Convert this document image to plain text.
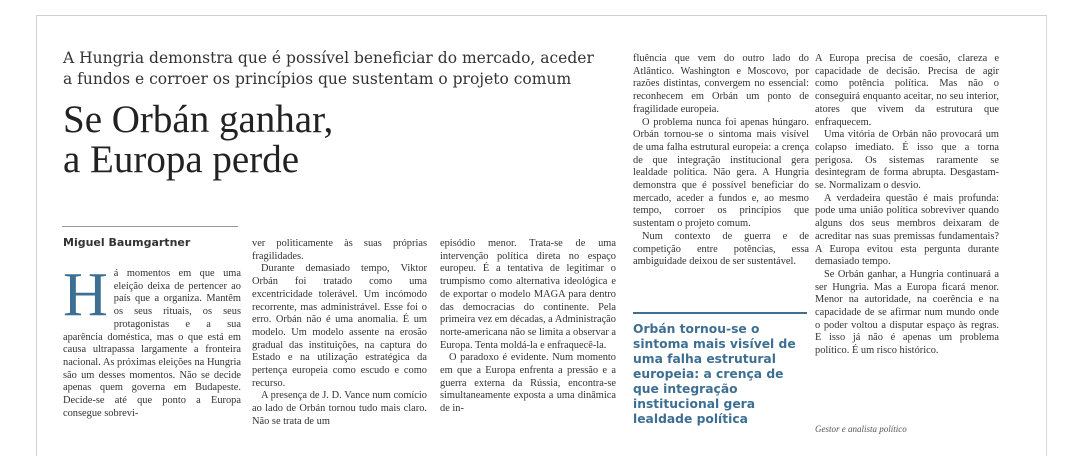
A Hungria demonstra que é possível beneficiar do mercado, aceder a fundos e corroer os princípios que sustentam o projeto comum
Se Orbán ganhar,
a Europa perde
Miguel Baumgartner
H á momentos em que uma eleição deixa de pertencer ao país que a organiza. Mantêm os seus rituais, os seus protagonistas e a sua aparência doméstica, mas o que está em causa ultrapassa largamente a fronteira nacional. As próximas eleições na Hungria são um desses momentos. Não se decide apenas quem governa em Budapeste. Decide-se até que ponto a Europa consegue sobrevi-

ver politicamente às suas próprias fragilidades.

Durante demasiado tempo, Viktor Orbán foi tratado como uma excentricidade tolerável. Um incómodo recorrente, mas administrável. Esse foi o erro. Orbán não é uma anomalia. É um modelo. Um modelo assente na erosão gradual das instituições, na captura do Estado e na utilização estratégica da pertença europeia como escudo e como recurso.

A presença de J. D. Vance num comício ao lado de Orbán tornou tudo mais claro. Não se trata de um

episódio menor. Trata-se de uma intervenção política direta no espaço europeu. É a tentativa de legitimar o trumpismo como alternativa ideológica e de exportar o modelo MAGA para dentro das democracias do continente. Pela primeira vez em décadas, a Administração norte-americana não se limita a observar a Europa. Tenta moldá-la e enfraquecê-la.

O paradoxo é evidente. Num momento em que a Europa enfrenta a pressão e a guerra externa da Rússia, encontra-se simultaneamente exposta a uma dinâmica de in-

fluência que vem do outro lado do Atlântico. Washington e Moscovo, por razões distintas, convergem no essencial: reconhecem em Orbán um ponto de fragilidade europeia.

O problema nunca foi apenas húngaro. Orbán tornou-se o sintoma mais visível de uma falha estrutural europeia: a crença de que integração institucional gera lealdade política. Não gera. A Hungria demonstra que é possível beneficiar do mercado, aceder a fundos e, ao mesmo tempo, corroer os princípios que sustentam o projeto comum.

Num contexto de guerra e de competição entre potências, essa ambiguidade deixou de ser sustentável.

Orbán tornou-se o sintoma mais visível de uma falha estrutural europeia: a crença de que integração institucional gera lealdade política

A Europa precisa de coesão, clareza e capacidade de decisão. Precisa de agir como potência política. Mas não o conseguirá enquanto aceitar, no seu interior, atores que vivem da estrutura que enfraquecem.

Uma vitória de Orbán não provocará um colapso imediato. É isso que a torna perigosa. Os sistemas raramente se desintegram de forma abrupta. Desgastam-se. Normalizam o desvio.

A verdadeira questão é mais profunda: pode uma união política sobreviver quando alguns dos seus membros deixaram de acreditar nas suas premissas fundamentais? A Europa evitou esta pergunta durante demasiado tempo.

Se Orbán ganhar, a Hungria continuará a ser Hungria. Mas a Europa ficará menor. Menor na autoridade, na coerência e na capacidade de se afirmar num mundo onde o poder voltou a disputar espaço às regras. E isso já não é apenas um problema político. É um risco histórico.

Gestor e analista político
